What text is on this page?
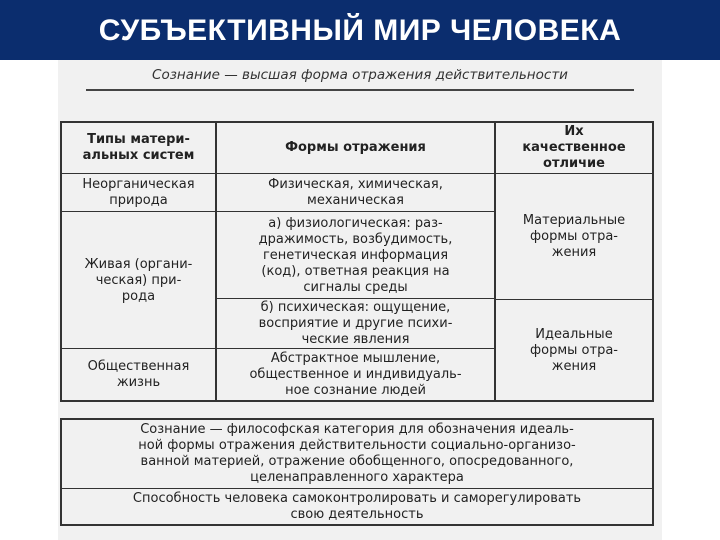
СУБЪЕКТИВНЫЙ МИР ЧЕЛОВЕКА
Сознание — высшая форма отражения действительности
Типы матери-
альных систем
Формы отражения
Их
качественное
отличие
Неорганическая
природа
Живая (органи-
ческая) при-
рода
Общественная
жизнь
Физическая, химическая,
механическая
а) физиологическая: раз-
дражимость, возбудимость,
генетическая информация
(код), ответная реакция на
сигналы среды
б) психическая: ощущение,
восприятие и другие психи-
ческие явления
Абстрактное мышление,
общественное и индивидуаль-
ное сознание людей
Материальные
формы отра-
жения
Идеальные
формы отра-
жения
Сознание — философская категория для обозначения идеаль-
ной формы отражения действительности социально-организо-
ванной материей, отражение обобщенного, опосредованного,
целенаправленного характера
Способность человека самоконтролировать и саморегулировать
свою деятельность
